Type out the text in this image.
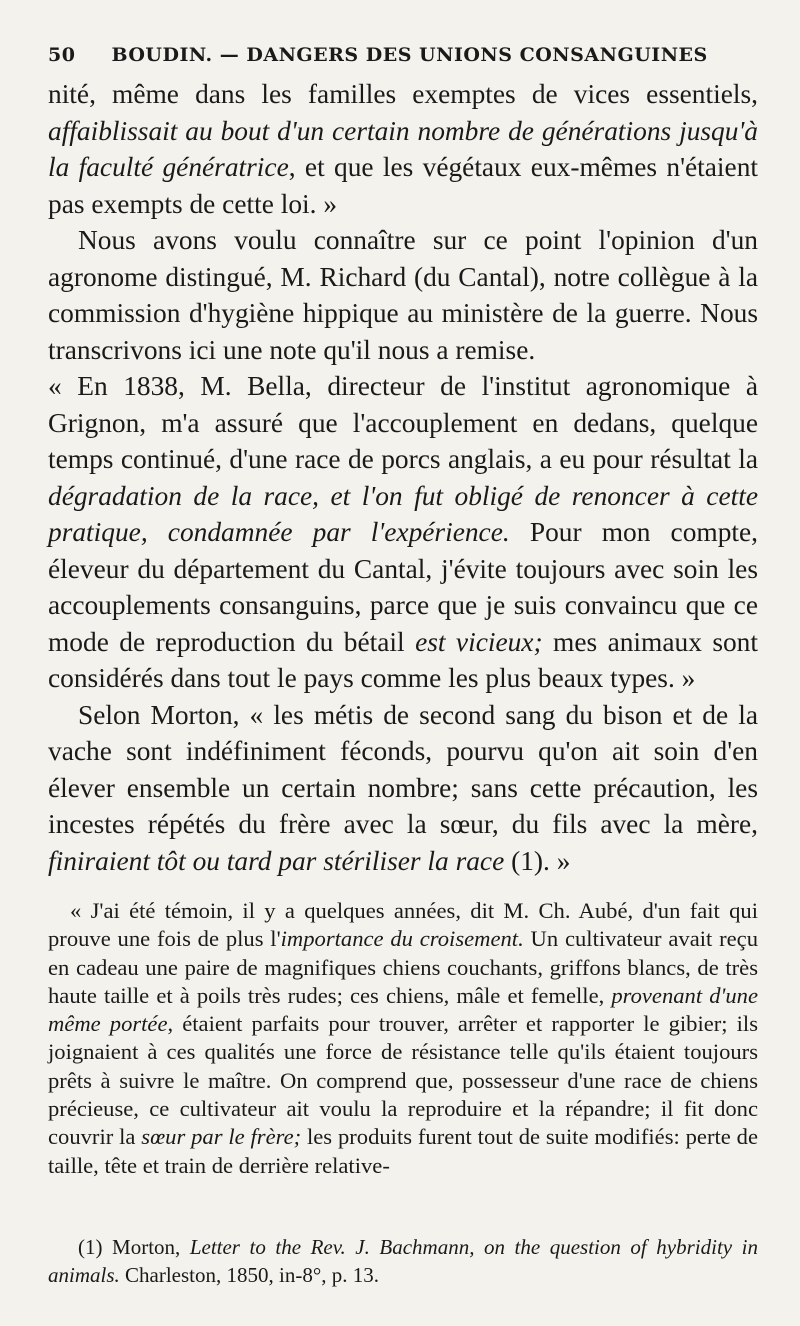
50 BOUDIN. — DANGERS DES UNIONS CONSANGUINES

nité, même dans les familles exemptes de vices essentiels, affaiblissait au bout d'un certain nombre de générations jusqu'à la faculté génératrice, et que les végétaux eux-mêmes n'étaient pas exempts de cette loi. »

Nous avons voulu connaître sur ce point l'opinion d'un agronome distingué, M. Richard (du Cantal), notre collègue à la commission d'hygiène hippique au ministère de la guerre. Nous transcrivons ici une note qu'il nous a remise.

« En 1838, M. Bella, directeur de l'institut agronomique à Grignon, m'a assuré que l'accouplement en dedans, quelque temps continué, d'une race de porcs anglais, a eu pour résultat la dégradation de la race, et l'on fut obligé de renoncer à cette pratique, condamnée par l'expérience. Pour mon compte, éleveur du département du Cantal, j'évite toujours avec soin les accouplements consanguins, parce que je suis convaincu que ce mode de reproduction du bétail est vicieux; mes animaux sont considérés dans tout le pays comme les plus beaux types. »

Selon Morton, « les métis de second sang du bison et de la vache sont indéfiniment féconds, pourvu qu'on ait soin d'en élever ensemble un certain nombre; sans cette précaution, les incestes répétés du frère avec la sœur, du fils avec la mère, finiraient tôt ou tard par stériliser la race (1). »

« J'ai été témoin, il y a quelques années, dit M. Ch. Aubé, d'un fait qui prouve une fois de plus l'importance du croisement. Un cultivateur avait reçu en cadeau une paire de magnifiques chiens couchants, griffons blancs, de très haute taille et à poils très rudes; ces chiens, mâle et femelle, provenant d'une même portée, étaient parfaits pour trouver, arrêter et rapporter le gibier; ils joignaient à ces qualités une force de résistance telle qu'ils étaient toujours prêts à suivre le maître. On comprend que, possesseur d'une race de chiens précieuse, ce cultivateur ait voulu la reproduire et la répandre; il fit donc couvrir la sœur par le frère; les produits furent tout de suite modifiés: perte de taille, tête et train de derrière relative-

(1) Morton, Letter to the Rev. J. Bachmann, on the question of hybridity in animals. Charleston, 1850, in-8°, p. 13.
